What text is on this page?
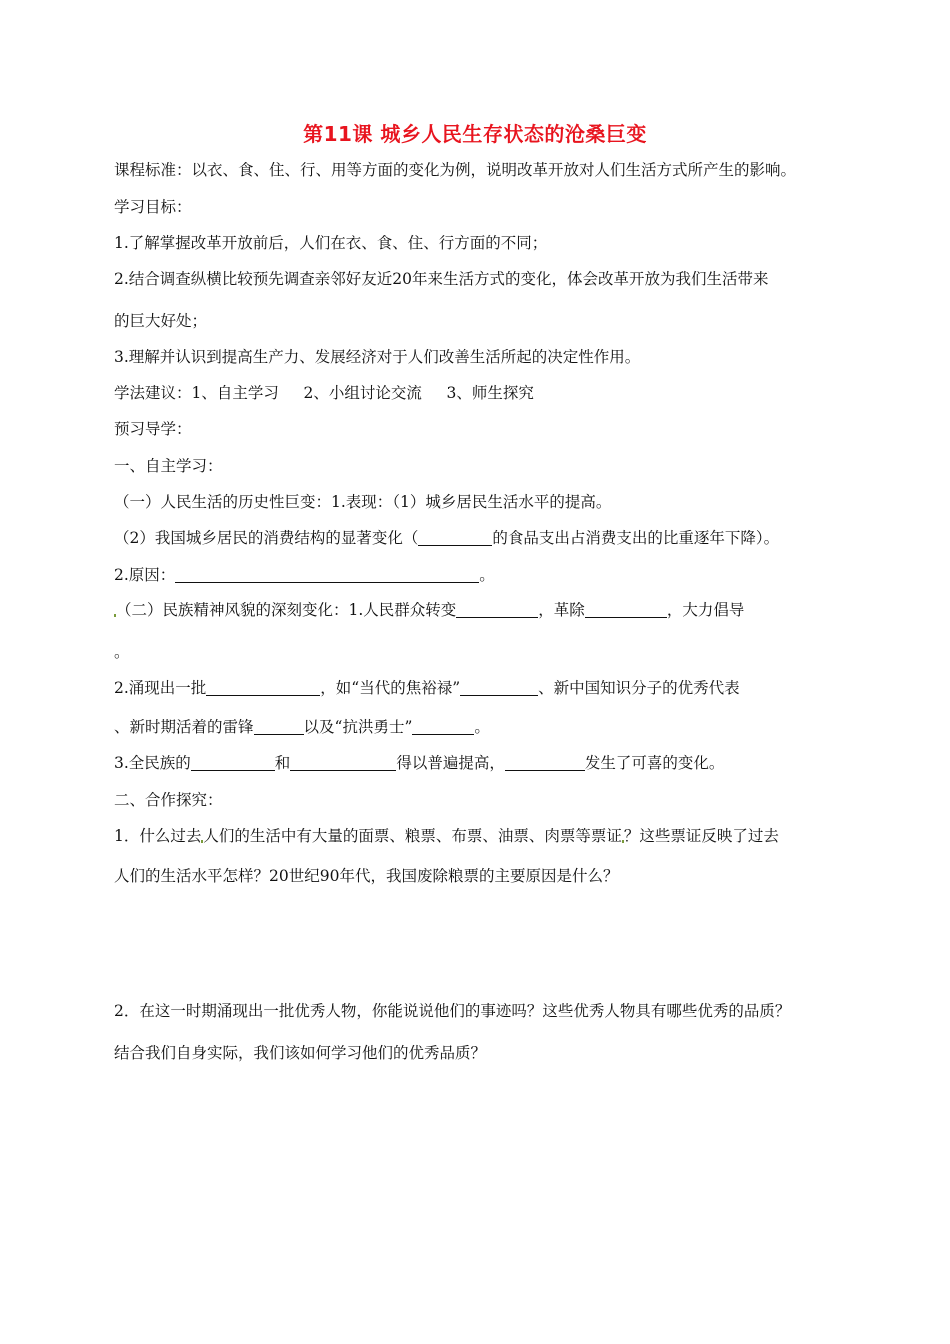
第11课 城乡人民生存状态的沧桑巨变
课程标准：以衣、食、住、行、用等方面的变化为例，说明改革开放对人们生活方式所产生的影响。
学习目标：
1.了解掌握改革开放前后，人们在衣、食、住、行方面的不同；
2.结合调查纵横比较预先调查亲邻好友近20年来生活方式的变化，体会改革开放为我们生活带来
的巨大好处；
3.理解并认识到提高生产力、发展经济对于人们改善生活所起的决定性作用。
学法建议：1、自主学习     2、小组讨论交流     3、师生探究
预习导学：
一、自主学习：
（一）人民生活的历史性巨变：1.表现：（1）城乡居民生活水平的提高。
（2）我国城乡居民的消费结构的显著变化（	的食品支出占消费支出的比重逐年下降）。
2.原因：	。
（二）民族精神风貌的深刻变化：1.人民群众转变	，革除	，大力倡导
。
2.涌现出一批	，如“当代的焦裕禄”	、新中国知识分子的优秀代表
、新时期活着的雷锋	以及“抗洪勇士”	。
3.全民族的	和	得以普遍提高，	发生了可喜的变化。
二、合作探究：
1．什么过去 人们的生活中有大量的面票、粮票、布票、油票、肉票等票证 ？这些票证反映了过去
人们的生活水平怎样？20世纪90年代，我国废除粮票的主要原因是什么？
2．在这一时期涌现出一批优秀人物，你能说说他们的事迹吗？这些优秀人物具有哪些优秀的品质？
结合我们自身实际，我们该如何学习他们的优秀品质？
